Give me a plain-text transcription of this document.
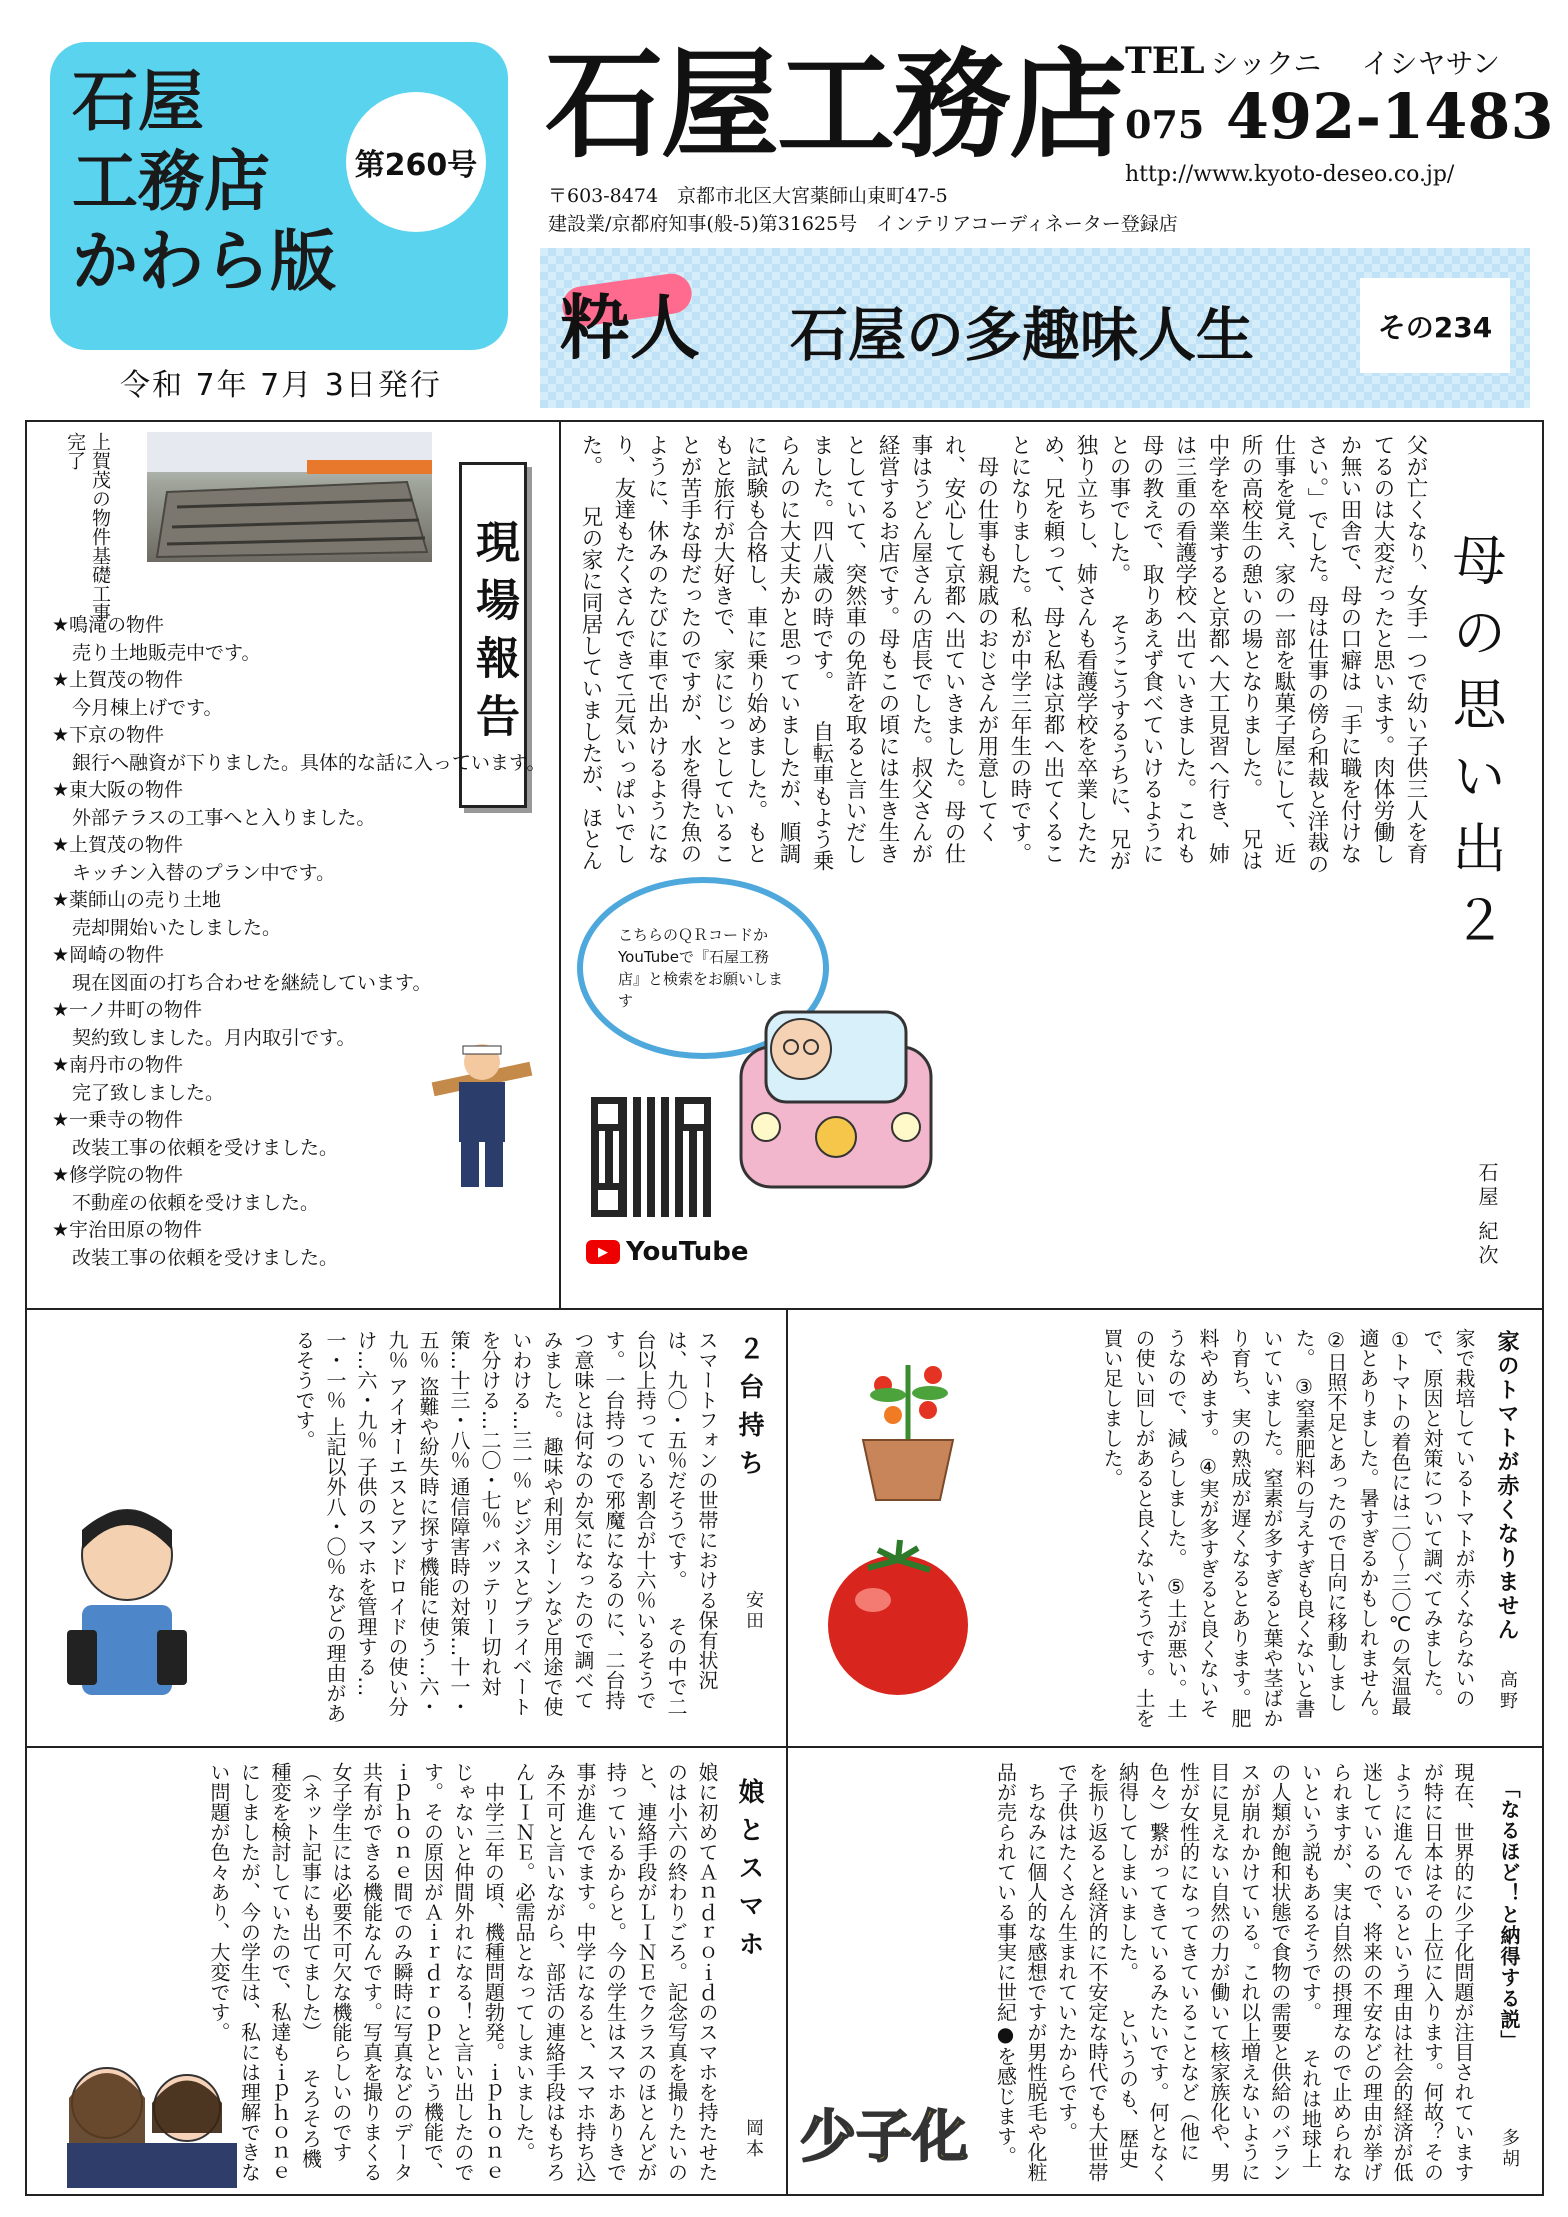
石屋
工務店
かわら版
第260号
令和 7年 7月 3日発行
石屋工務店
〒603-8474　京都市北区大宮薬師山東町47-5
建設業/京都府知事(般-5)第31625号　インテリアコーディネーター登録店
TEL シックニ イシヤサン
075 492-1483
http://www.kyoto-deseo.co.jp/
粋人 石屋の多趣味人生	その234
上賀茂の物件基礎工事完了
現場報告
★ 鳴滝の物件
売り土地販売中です。
★ 上賀茂の物件
今月棟上げです。
★ 下京の物件
銀行へ融資が下りました。具体的な話に入っています。
★ 東大阪の物件
外部テラスの工事へと入りました。
★ 上賀茂の物件
キッチン入替のプラン中です。
★ 薬師山の売り土地
売却開始いたしました。
★ 岡崎の物件
現在図面の打ち合わせを継続しています。
★ 一ノ井町の物件
契約致しました。月内取引です。
★ 南丹市の物件
完了致しました。
★ 一乗寺の物件
改装工事の依頼を受けました。
★ 修学院の物件
不動産の依頼を受けました。
★ 宇治田原の物件
改装工事の依頼を受けました。
母の思い出２
石屋 紀次
父が亡くなり、女手一つで幼い子供三人を育てるのは大変だったと思います。肉体労働しか無い田舎で、母の口癖は「手に職を付けなさい。」でした。母は仕事の傍ら和裁と洋裁の仕事を覚え、家の一部を駄菓子屋にして、近所の高校生の憩いの場となりました。 　兄は中学を卒業すると京都へ大工見習へ行き、姉は三重の看護学校へ出ていきました。これも母の教えで、取りあえず食べていけるようにとの事でした。 　そうこうするうちに、兄が独り立ちし、姉さんも看護学校を卒業したため、兄を頼って、母と私は京都へ出てくることになりました。私が中学三年生の時です。 　母の仕事も親戚のおじさんが用意してくれ、安心して京都へ出ていきました。母の仕事はうどん屋さんの店長でした。叔父さんが経営するお店です。母もこの頃には生き生きとしていて、突然車の免許を取ると言いだしました。四八歳の時です。 　自転車もよう乗らんのに大丈夫かと思っていましたが、順調に試験も合格し、車に乗り始めました。もともと旅行が大好きで、家にじっとしていることが苦手な母だったのですが、水を得た魚のように、休みのたびに車で出かけるようになり、友達もたくさんできて元気いっぱいでした。 　兄の家に同居していましたが、ほとん 　 　 　
こちらのＱＲコードかYouTubeで『石屋工務店』と検索をお願いします
▶ YouTube
２台持ち
安田
スマートフォンの世帯における保有状況は、九〇・五％だそうです。 　その中で二台以上持っている割合が十六％いるそうです。一台持つので邪魔になるのに、二台持つ意味とは何なのか気になったので調べてみました。 趣味や利用シーンなど用途で使いわける…三一％ ビジネスとプライベートを分ける…二〇・七％ バッテリー切れ対策…十三・八％ 通信障害時の対策…十一・五％ 盗難や紛失時に探す機能に使う…六・九％ アイオーエスとアンドロイドの使い分け…六・九％ 子供のスマホを管理する…一・一％ 上記以外八・〇％ などの理由があるそうです。	家のトマトが赤くなりません
高野
家で栽培しているトマトが赤くならないので、原因と対策について調べてみました。 ①トマトの着色には二〇～三〇℃の気温最適とありました。暑すぎるかもしれません。 ②日照不足とあったので日向に移動しました。 ③窒素肥料の与えすぎも良くないと書いていました。窒素が多すぎると葉や茎ばかり育ち、実の熟成が遅くなるとあります。肥料やめます。 ④実が多すぎると良くないそうなので、減らしました。 ⑤土が悪い。土の使い回しがあると良くないそうです。土を買い足しました。
娘とスマホ
岡本
娘に初めてＡｎｄｒｏｉｄのスマホを持たせたのは小六の終わりごろ。記念写真を撮りたいのと、連絡手段がＬＩＮＥでクラスのほとんどが持っているからと。今の学生はスマホありきで事が進んでます。中学になると、スマホ持ち込み不可と言いながら、部活の連絡手段はもちろんＬＩＮＥ。必需品となってしまいました。 　中学三年の頃、機種問題勃発。ｉｐｈｏｎｅじゃないと仲間外れになる！と言い出したのです。その原因がＡｉｒｄｒｏｐという機能で、ｉｐｈｏｎｅ間でのみ瞬時に写真などのデータ共有ができる機能なんです。写真を撮りまくる女子学生には必要不可欠な機能らしいのです（ネット記事にも出てました） 　そろそろ機種変を検討していたので、私達もｉｐｈｏｎｅにしましたが、今の学生は、私には理解できない問題が色々あり、大変です。	「なるほど！と納得する説」
多胡
現在、世界的に少子化問題が注目されていますが特に日本はその上位に入ります。何故？そのように進んでいるという理由は社会的経済が低迷しているので、将来の不安などの理由が挙げられますが、実は自然の摂理なので止められないという説もあるそうです。 　それは地球上の人類が飽和状態で食物の需要と供給のバランスが崩れかけている。これ以上増えないように目に見えない自然の力が働いて核家族化や、男性が女性的になってきていることなど（他に色々）繋がってきているみたいです。何となく納得してしまいました。 　というのも、歴史を振り返ると経済的に不安定な時代でも大世帯で子供はたくさん生まれていたからです。 　ちなみに個人的な感想ですが男性脱毛や化粧品が売られている事実に世紀●を感じます。
少子化
